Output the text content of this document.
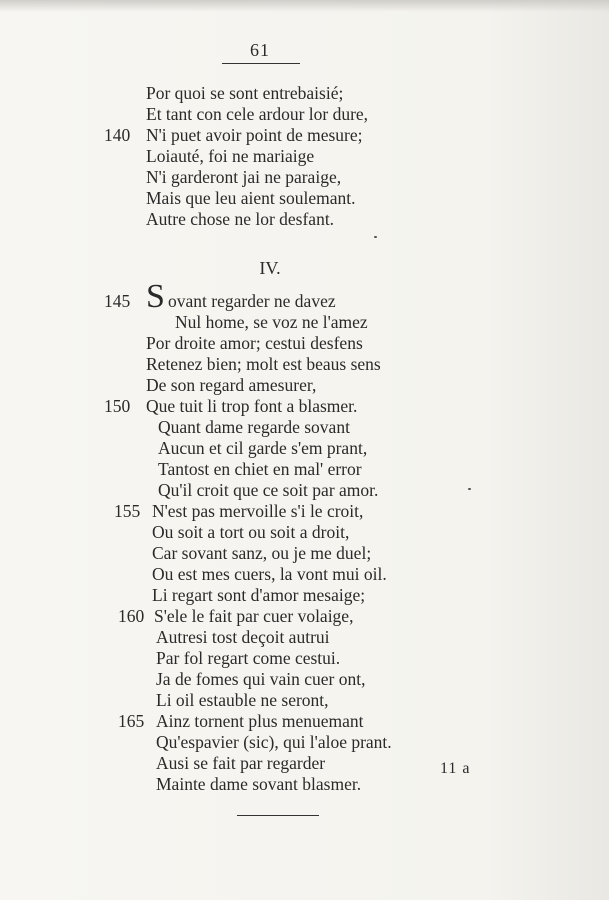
61
Por quoi se sont entrebaisié;
Et tant con cele ardour lor dure,
140 N'i puet avoir point de mesure;
Loiauté, foi ne mariaige
N'i garderont jai ne paraige,
Mais que leu aient soulemant.
Autre chose ne lor desfant.
IV.
145 S ovant regarder ne davez
Nul home, se voz ne l'amez
Por droite amor; cestui desfens
Retenez bien; molt est beaus sens
De son regard amesurer,
150 Que tuit li trop font a blasmer.
Quant dame regarde sovant
Aucun et cil garde s'em prant,
Tantost en chiet en mal' error
Qu'il croit que ce soit par amor.
155 N'est pas mervoille s'i le croit,
Ou soit a tort ou soit a droit,
Car sovant sanz, ou je me duel;
Ou est mes cuers, la vont mui oil.
Li regart sont d'amor mesaige;
160 S'ele le fait par cuer volaige,
Autresi tost deçoit autrui
Par fol regart come cestui.
Ja de fomes qui vain cuer ont,
Li oil estauble ne seront,
165 Ainz tornent plus menuemant
Qu'espavier (sic), qui l'aloe prant.
Ausi se fait par regarder
Mainte dame sovant blasmer.
11 a
